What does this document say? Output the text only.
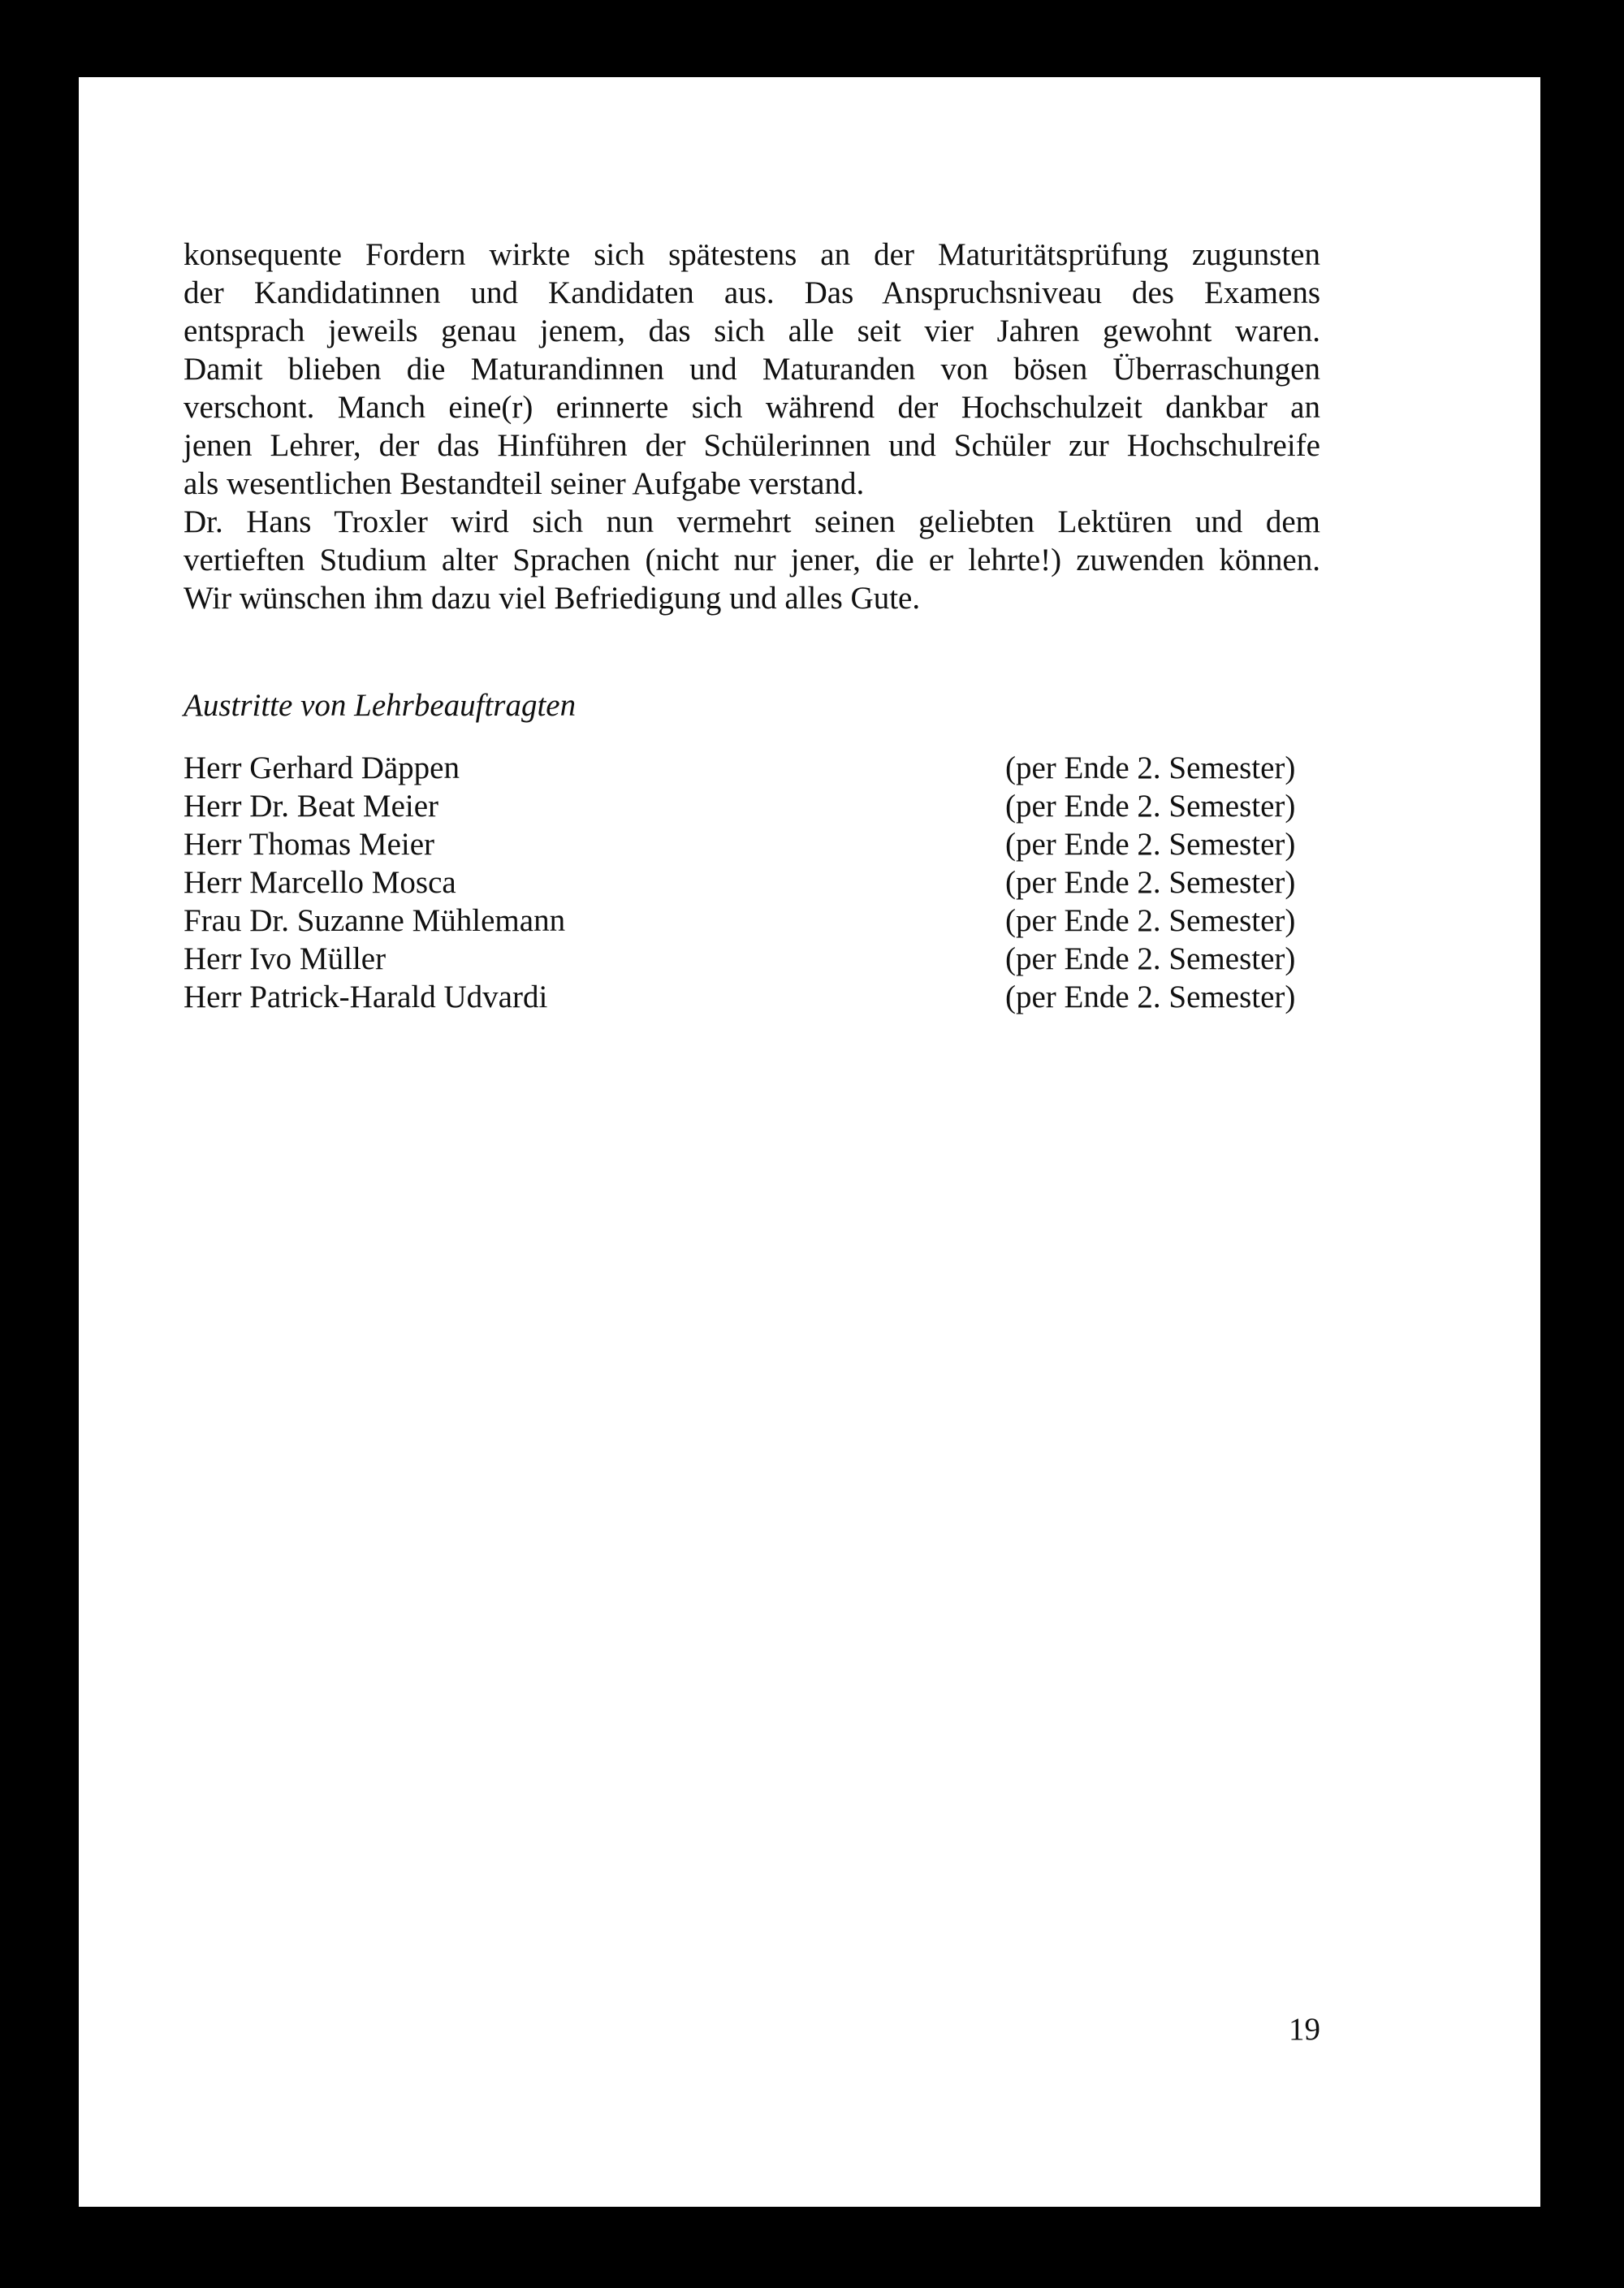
konsequente Fordern wirkte sich spätestens an der Maturitätsprüfung zugunsten
der Kandidatinnen und Kandidaten aus. Das Anspruchsniveau des Examens
entsprach jeweils genau jenem, das sich alle seit vier Jahren gewohnt waren.
Damit blieben die Maturandinnen und Maturanden von bösen Überraschungen
verschont. Manch eine(r) erinnerte sich während der Hochschulzeit dankbar an
jenen Lehrer, der das Hinführen der Schülerinnen und Schüler zur Hochschulreife
als wesentlichen Bestandteil seiner Aufgabe verstand.

Dr. Hans Troxler wird sich nun vermehrt seinen geliebten Lektüren und dem
vertieften Studium alter Sprachen (nicht nur jener, die er lehrte!) zuwenden können.
Wir wünschen ihm dazu viel Befriedigung und alles Gute.

Austritte von Lehrbeauftragten
Herr Gerhard Däppen	(per Ende 2. Semester)
Herr Dr. Beat Meier	(per Ende 2. Semester)
Herr Thomas Meier	(per Ende 2. Semester)
Herr Marcello Mosca	(per Ende 2. Semester)
Frau Dr. Suzanne Mühlemann	(per Ende 2. Semester)
Herr Ivo Müller	(per Ende 2. Semester)
Herr Patrick-Harald Udvardi	(per Ende 2. Semester)
19
